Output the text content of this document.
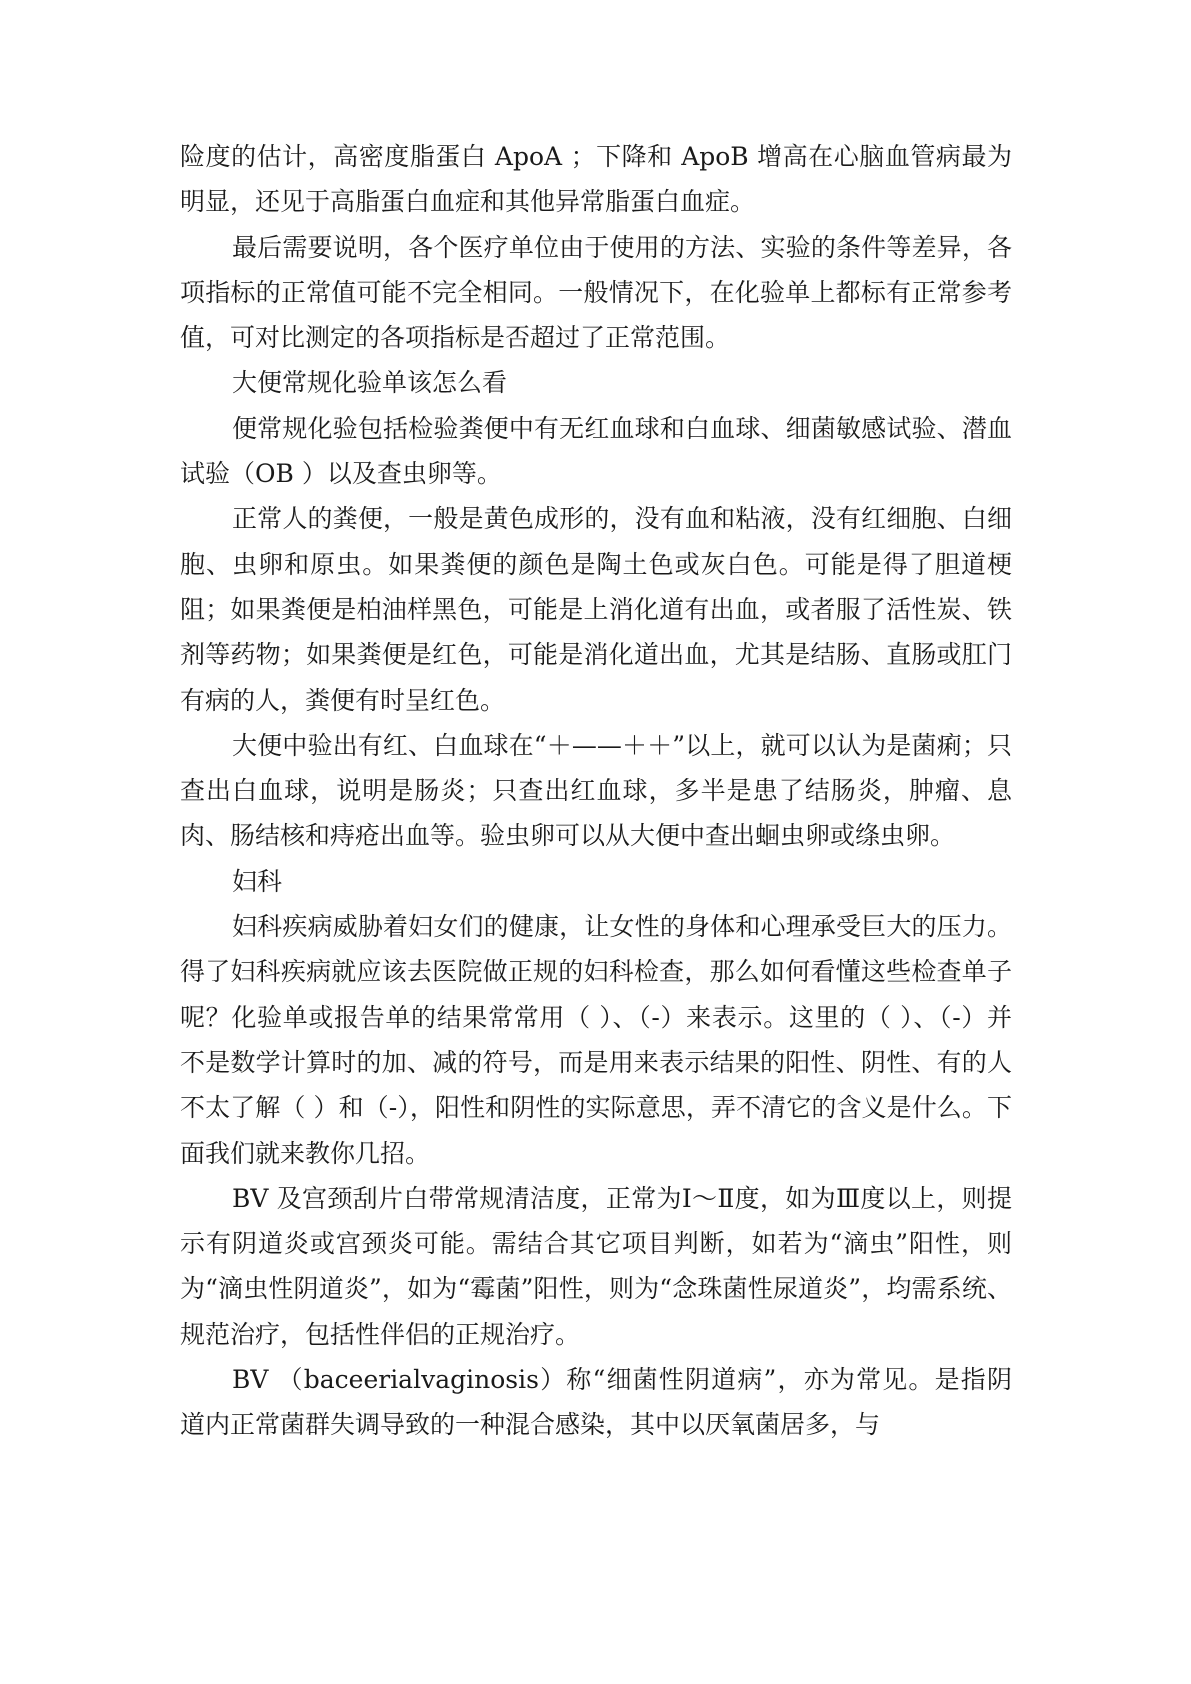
险度的估计，高密度脂蛋白 ApoA ；下降和 ApoB 增高在心脑血管病最为明显，还见于高脂蛋白血症和其他异常脂蛋白血症。

最后需要说明，各个医疗单位由于使用的方法、实验的条件等差异，各项指标的正常值可能不完全相同。一般情况下，在化验单上都标有正常参考值，可对比测定的各项指标是否超过了正常范围。

大便常规化验单该怎么看

便常规化验包括检验粪便中有无红血球和白血球、细菌敏感试验、潜血试验（OB ）以及查虫卵等。

正常人的粪便，一般是黄色成形的，没有血和粘液，没有红细胞、白细胞、虫卵和原虫。如果粪便的颜色是陶土色或灰白色。可能是得了胆道梗阻；如果粪便是柏油样黑色，可能是上消化道有出血，或者服了活性炭、铁剂等药物；如果粪便是红色，可能是消化道出血，尤其是结肠、直肠或肛门有病的人，粪便有时呈红色。

大便中验出有红、白血球在“＋——＋＋”以上，就可以认为是菌痢；只查出白血球，说明是肠炎；只查出红血球，多半是患了结肠炎，肿瘤、息肉、肠结核和痔疮出血等。验虫卵可以从大便中查出蛔虫卵或绦虫卵。

妇科

妇科疾病威胁着妇女们的健康，让女性的身体和心理承受巨大的压力。得了妇科疾病就应该去医院做正规的妇科检查，那么如何看懂这些检查单子呢？化验单或报告单的结果常常用（ ）、（-）来表示。这里的（ ）、（-）并不是数学计算时的加、减的符号，而是用来表示结果的阳性、阴性、有的人不太了解（ ）和（-），阳性和阴性的实际意思，弄不清它的含义是什么。下面我们就来教你几招。

BV 及宫颈刮片白带常规清洁度，正常为Ⅰ～Ⅱ度，如为Ⅲ度以上，则提示有阴道炎或宫颈炎可能。需结合其它项目判断，如若为“滴虫”阳性，则为“滴虫性阴道炎”，如为“霉菌”阳性，则为“念珠菌性尿道炎”，均需系统、规范治疗，包括性伴侣的正规治疗。

BV （baceerialvaginosis）称“细菌性阴道病”，亦为常见。是指阴道内正常菌群失调导致的一种混合感染，其中以厌氧菌居多，与
